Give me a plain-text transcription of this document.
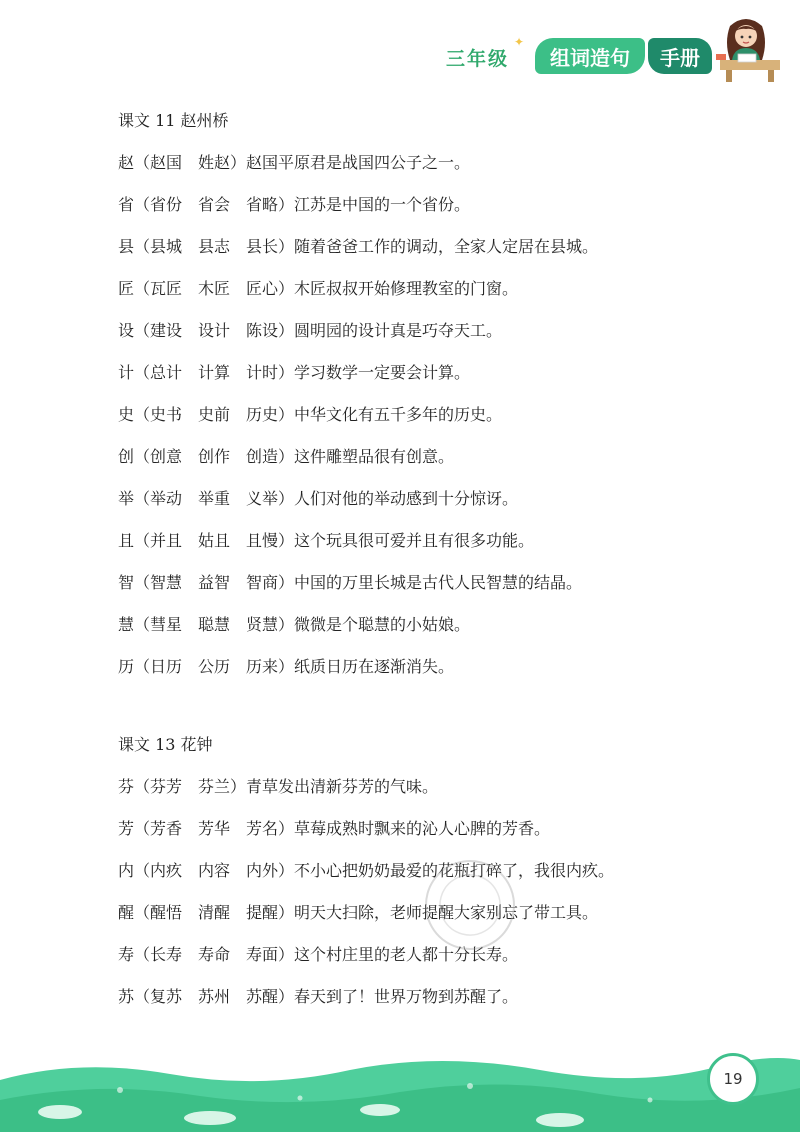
三年级
✦
组词造句 手册
课文 11 赵州桥
赵（赵国　姓赵）赵国平原君是战国四公子之一。
省（省份　省会　省略）江苏是中国的一个省份。
县（县城　县志　县长）随着爸爸工作的调动，全家人定居在县城。
匠（瓦匠　木匠　匠心）木匠叔叔开始修理教室的门窗。
设（建设　设计　陈设）圆明园的设计真是巧夺天工。
计（总计　计算　计时）学习数学一定要会计算。
史（史书　史前　历史）中华文化有五千多年的历史。
创（创意　创作　创造）这件雕塑品很有创意。
举（举动　举重　义举）人们对他的举动感到十分惊讶。
且（并且　姑且　且慢）这个玩具很可爱并且有很多功能。
智（智慧　益智　智商）中国的万里长城是古代人民智慧的结晶。
慧（彗星　聪慧　贤慧）微微是个聪慧的小姑娘。
历（日历　公历　历来）纸质日历在逐渐消失。
课文 13 花钟
芬（芬芳　芬兰）青草发出清新芬芳的气味。
芳（芳香　芳华　芳名）草莓成熟时飘来的沁人心脾的芳香。
内（内疚　内容　内外）不小心把奶奶最爱的花瓶打碎了，我很内疚。
醒（醒悟　清醒　提醒）明天大扫除，老师提醒大家别忘了带工具。
寿（长寿　寿命　寿面）这个村庄里的老人都十分长寿。
苏（复苏　苏州　苏醒）春天到了！世界万物到苏醒了。
19
